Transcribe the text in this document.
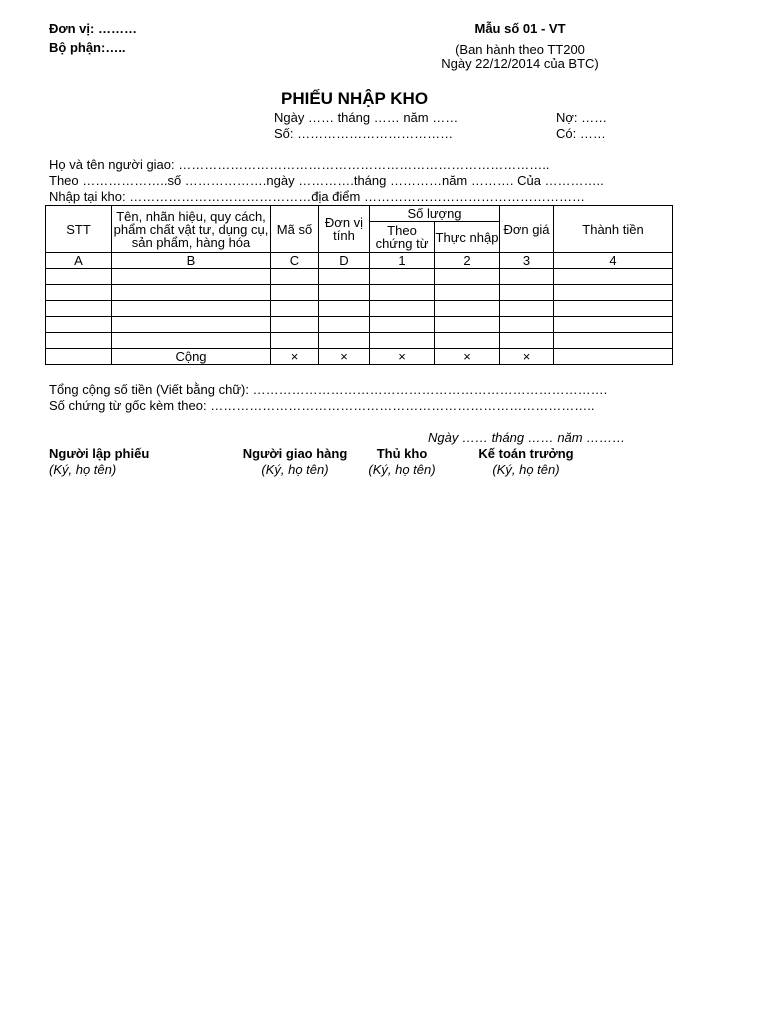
Đơn vị: ………
Bộ phận:…..
Mẫu số 01 - VT
(Ban hành theo TT200
Ngày 22/12/2014 của BTC)
PHIẾU NHẬP KHO
Ngày …… tháng …… năm ……
Số: ………………………………
Nợ: ……
Có: ……
Họ và tên người giao: …………………………………………………………………………..
Theo ………………..số ……………….ngày ………….tháng …………năm ………. Của …………..
Nhập tại kho: ……………………………………địa điểm ……………………………………………
STT	Tên, nhãn hiệu, quy cách, phẩm chất vật tư, dụng cụ, sản phẩm, hàng hóa	Mã số	Đơn vị tính	Số lượng		Đơn giá	Thành tiền
				Theo chứng từ	Thực nhập		
A	B	C	D	1	2	3	4

	Cộng	×	×	×	×	×	
Tổng cộng số tiền (Viết bằng chữ): ……………………………………………………………………….
Số chứng từ gốc kèm theo: ……………………………………………………………………………..
Ngày …… tháng …… năm ………
Người lập phiếu
(Ký, họ tên)
Người giao hàng
(Ký, họ tên)
Thủ kho
(Ký, họ tên)
Kế toán trưởng
(Ký, họ tên)
